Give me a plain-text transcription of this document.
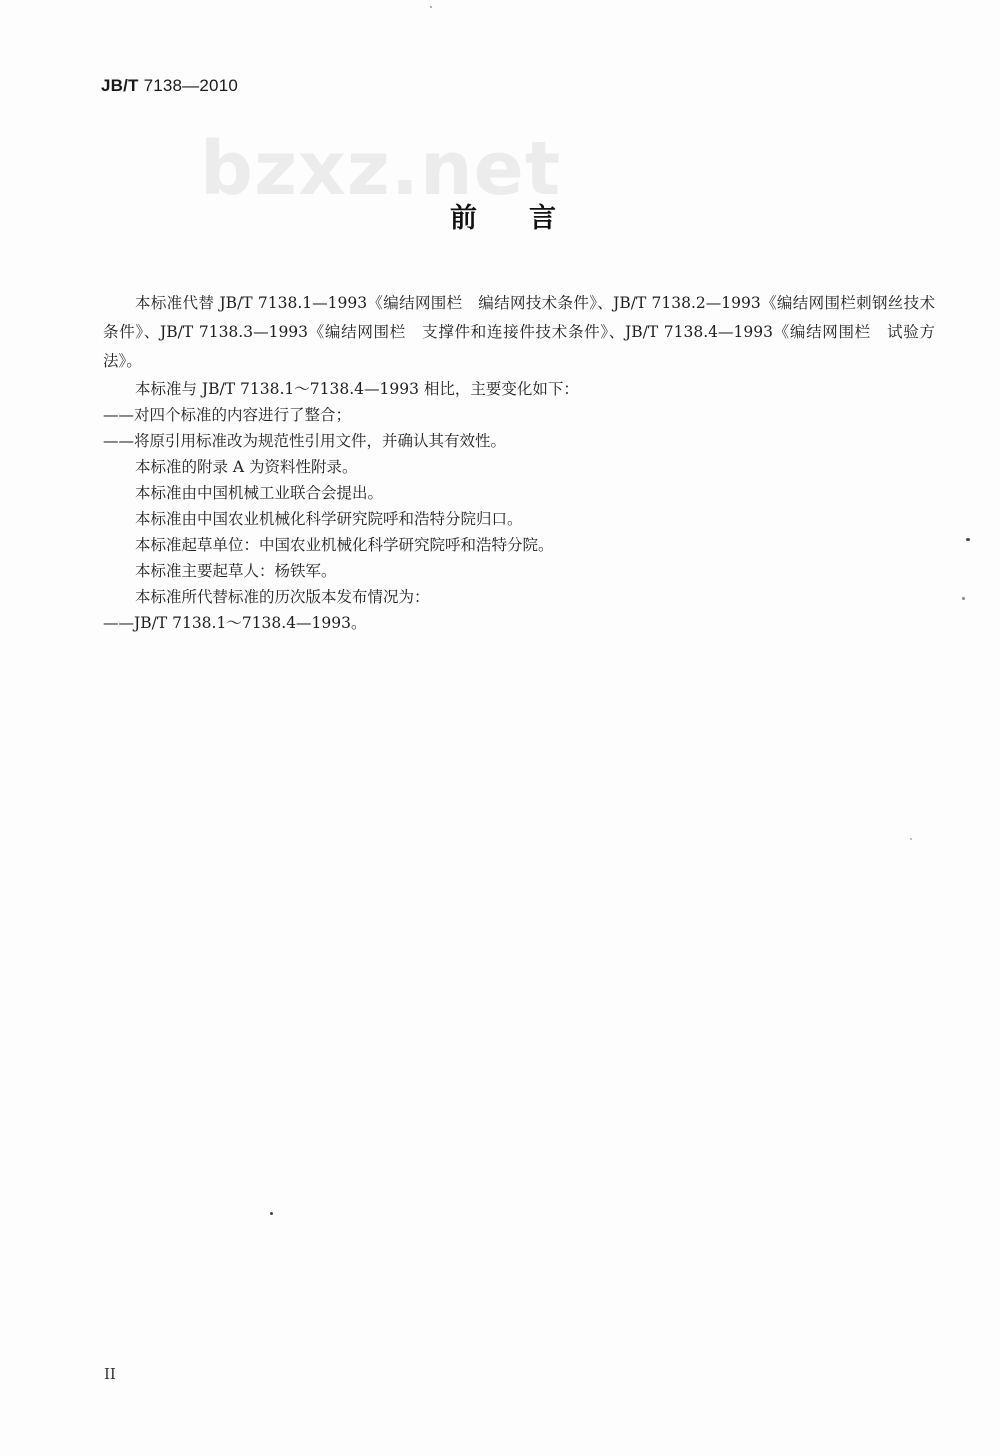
JB/T 7138—2010
bzxz.net
前言

本标准代替 JB/T 7138.1—1993《编结网围栏　编结网技术条件》、JB/T 7138.2—1993《编结网围栏刺钢丝技术条件》、JB/T 7138.3—1993《编结网围栏　支撑件和连接件技术条件》、JB/T 7138.4—1993《编结网围栏　试验方法》。

本标准与 JB/T 7138.1～7138.4—1993 相比，主要变化如下：

——对四个标准的内容进行了整合；

——将原引用标准改为规范性引用文件，并确认其有效性。

本标准的附录 A 为资料性附录。

本标准由中国机械工业联合会提出。

本标准由中国农业机械化科学研究院呼和浩特分院归口。

本标准起草单位：中国农业机械化科学研究院呼和浩特分院。

本标准主要起草人：杨铁军。

本标准所代替标准的历次版本发布情况为：

——JB/T 7138.1～7138.4—1993。

II
